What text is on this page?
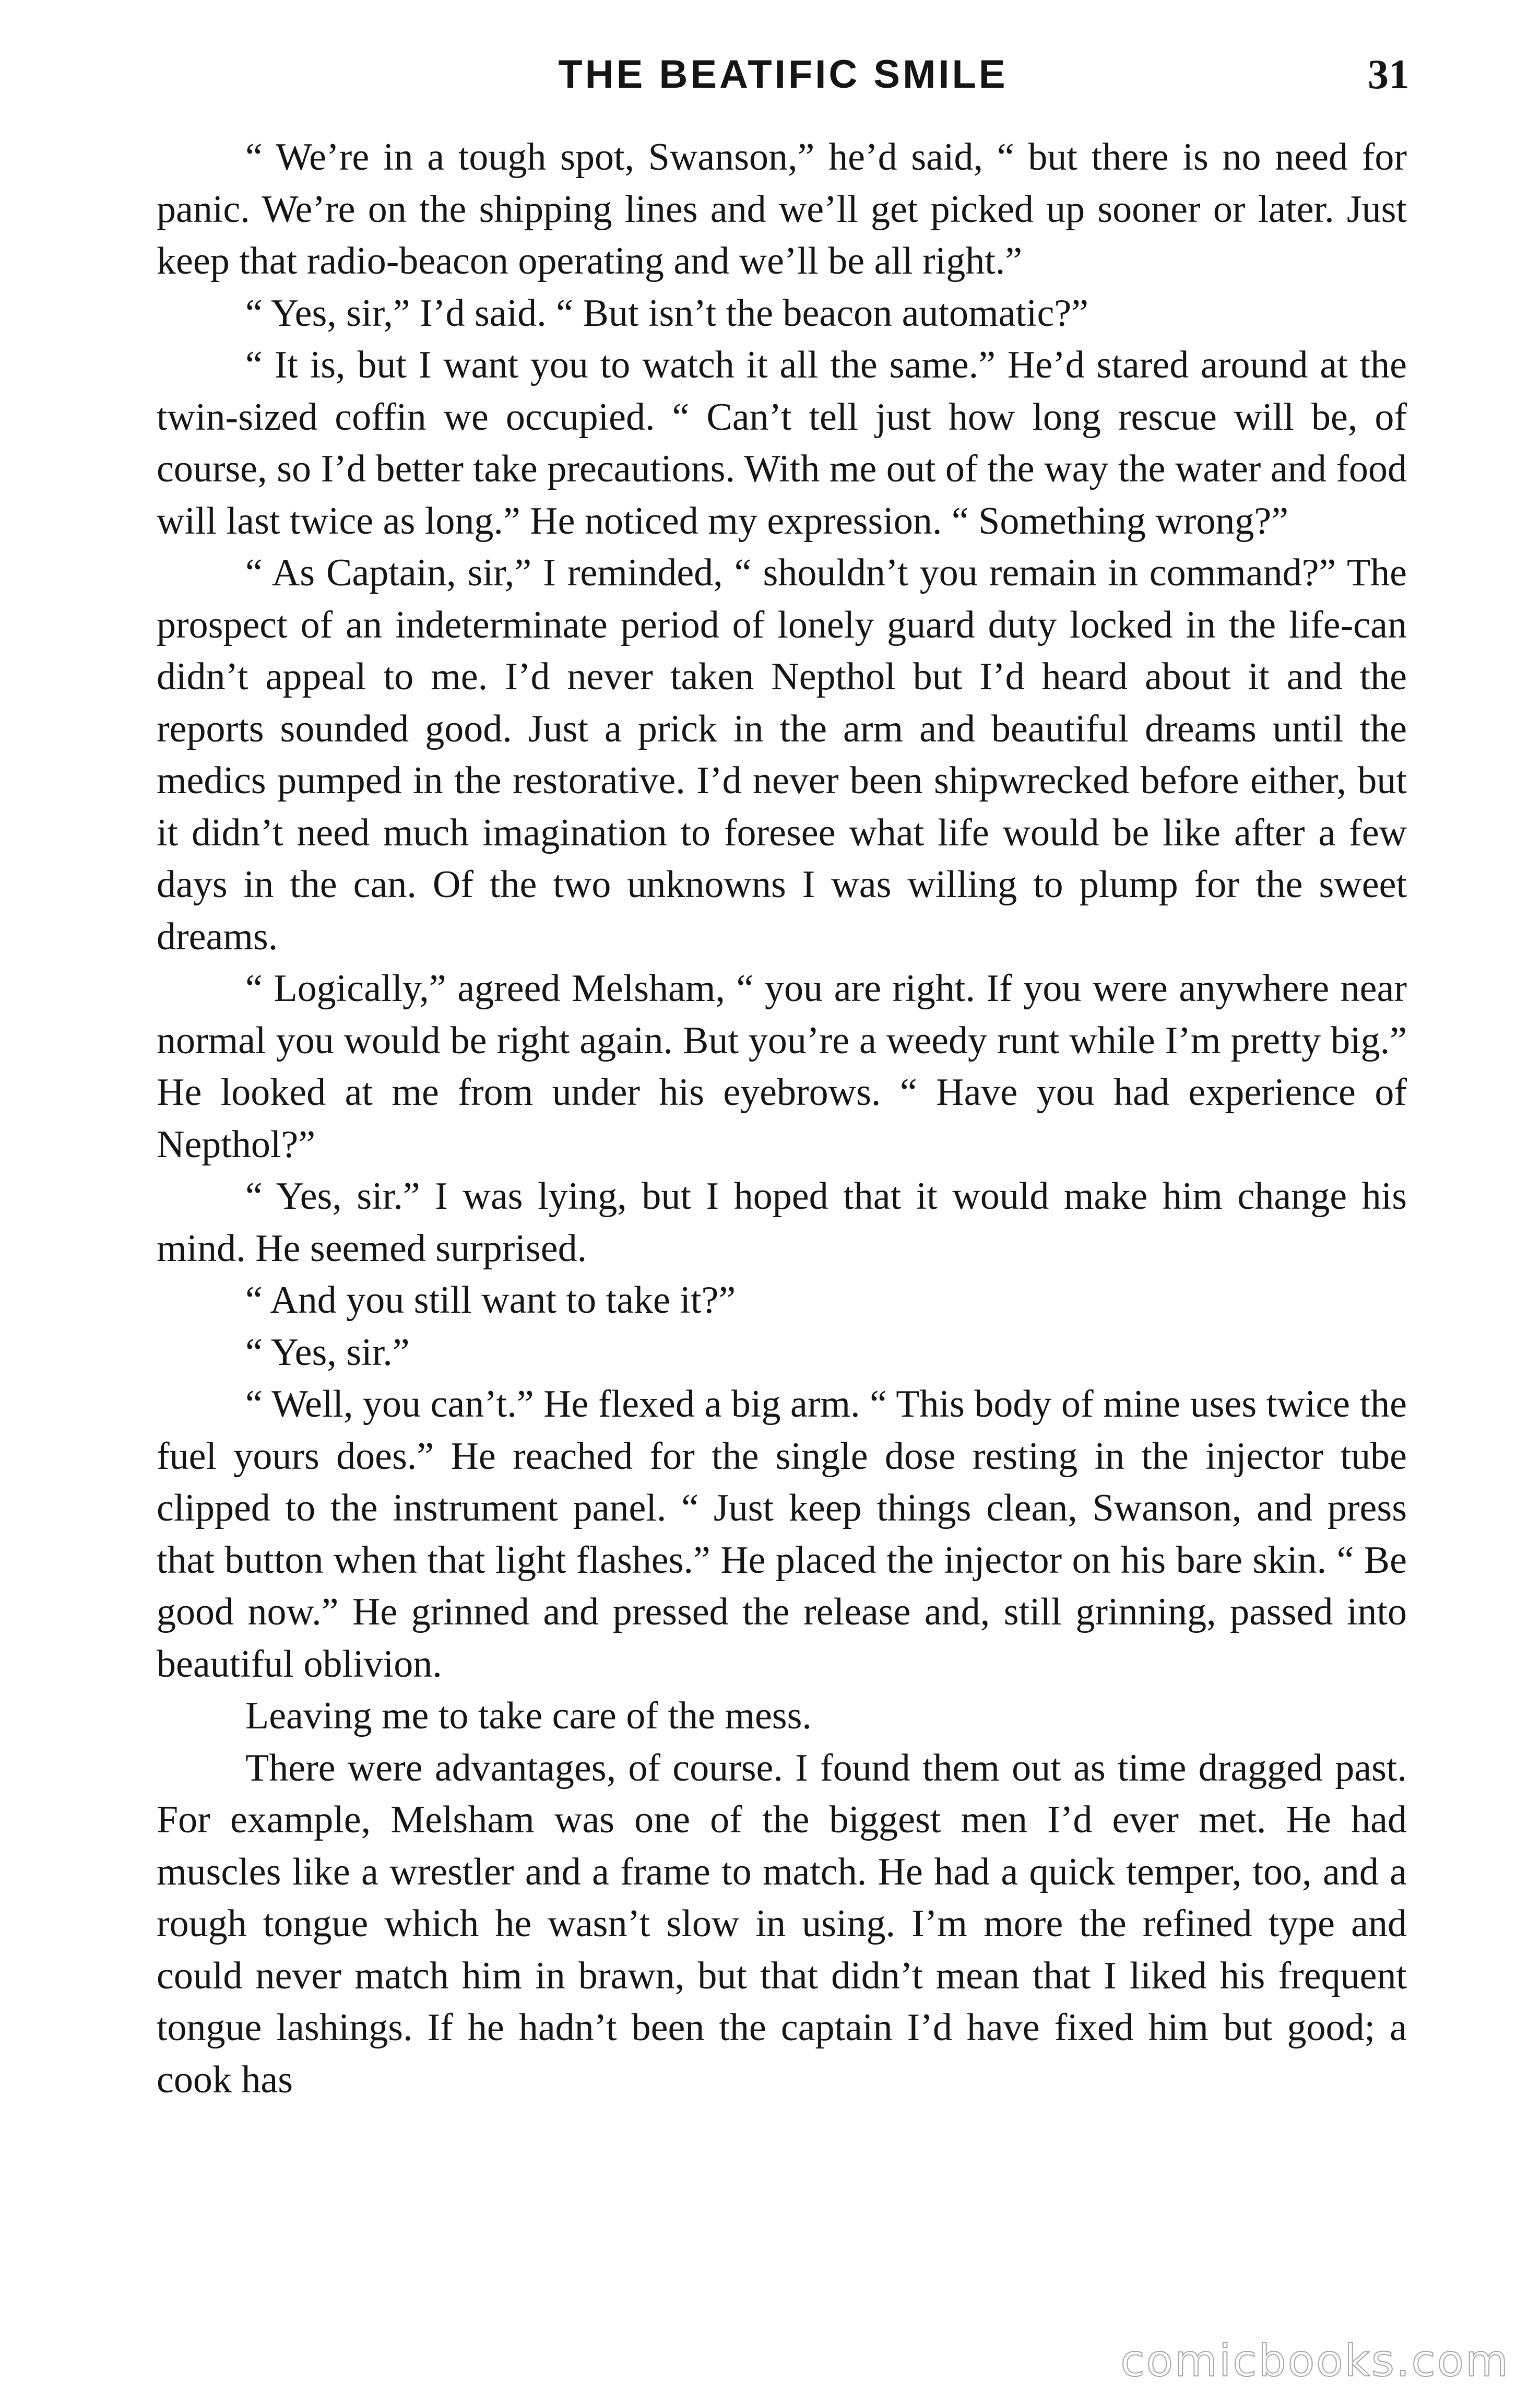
THE BEATIFIC SMILE	31

“ We’re in a tough spot, Swanson,” he’d said, “ but there is no need for panic. We’re on the shipping lines and we’ll get picked up sooner or later. Just keep that radio-beacon operating and we’ll be all right.”

“ Yes, sir,” I’d said. “ But isn’t the beacon automatic?”

“ It is, but I want you to watch it all the same.” He’d stared around at the twin-sized coffin we occupied. “ Can’t tell just how long rescue will be, of course, so I’d better take precautions. With me out of the way the water and food will last twice as long.” He noticed my expression. “ Something wrong?”

“ As Captain, sir,” I reminded, “ shouldn’t you remain in command?” The prospect of an indeterminate period of lonely guard duty locked in the life-can didn’t appeal to me. I’d never taken Nepthol but I’d heard about it and the reports sounded good. Just a prick in the arm and beautiful dreams until the medics pumped in the restorative. I’d never been shipwrecked before either, but it didn’t need much imagination to foresee what life would be like after a few days in the can. Of the two unknowns I was willing to plump for the sweet dreams.

“ Logically,” agreed Melsham, “ you are right. If you were anywhere near normal you would be right again. But you’re a weedy runt while I’m pretty big.” He looked at me from under his eyebrows. “ Have you had experience of Nepthol?”

“ Yes, sir.” I was lying, but I hoped that it would make him change his mind. He seemed surprised.

“ And you still want to take it?”

“ Yes, sir.”

“ Well, you can’t.” He flexed a big arm. “ This body of mine uses twice the fuel yours does.” He reached for the single dose resting in the injector tube clipped to the instrument panel. “ Just keep things clean, Swanson, and press that button when that light flashes.” He placed the injector on his bare skin. “ Be good now.” He grinned and pressed the release and, still grinning, passed into beautiful oblivion.

Leaving me to take care of the mess.

There were advantages, of course. I found them out as time dragged past. For example, Melsham was one of the biggest men I’d ever met. He had muscles like a wrestler and a frame to match. He had a quick temper, too, and a rough tongue which he wasn’t slow in using. I’m more the refined type and could never match him in brawn, but that didn’t mean that I liked his frequent tongue lashings. If he hadn’t been the captain I’d have fixed him but good; a cook has

comicbooks.com
